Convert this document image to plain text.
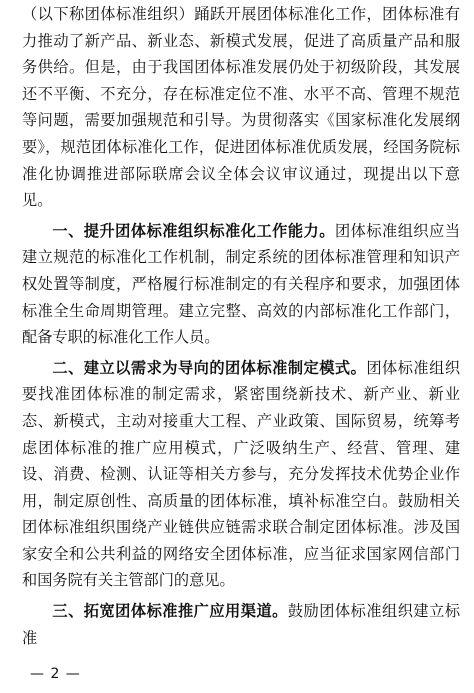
（以下称团体标准组织）踊跃开展团体标准化工作，团体标准有力推动了新产品、新业态、新模式发展，促进了高质量产品和服务供给。但是，由于我国团体标准发展仍处于初级阶段，其发展还不平衡、不充分，存在标准定位不准、水平不高、管理不规范等问题，需要加强规范和引导。为贯彻落实《国家标准化发展纲要》，规范团体标准化工作，促进团体标准优质发展，经国务院标准化协调推进部际联席会议全体会议审议通过，现提出以下意见。

一、提升团体标准组织标准化工作能力。团体标准组织应当建立规范的标准化工作机制，制定系统的团体标准管理和知识产权处置等制度，严格履行标准制定的有关程序和要求，加强团体标准全生命周期管理。建立完整、高效的内部标准化工作部门，配备专职的标准化工作人员。

二、建立以需求为导向的团体标准制定模式。团体标准组织要找准团体标准的制定需求，紧密围绕新技术、新产业、新业态、新模式，主动对接重大工程、产业政策、国际贸易，统筹考虑团体标准的推广应用模式，广泛吸纳生产、经营、管理、建设、消费、检测、认证等相关方参与，充分发挥技术优势企业作用，制定原创性、高质量的团体标准，填补标准空白。鼓励相关团体标准组织围绕产业链供应链需求联合制定团体标准。涉及国家安全和公共利益的网络安全团体标准，应当征求国家网信部门和国务院有关主管部门的意见。

三、拓宽团体标准推广应用渠道。鼓励团体标准组织建立标准

— 2 —
